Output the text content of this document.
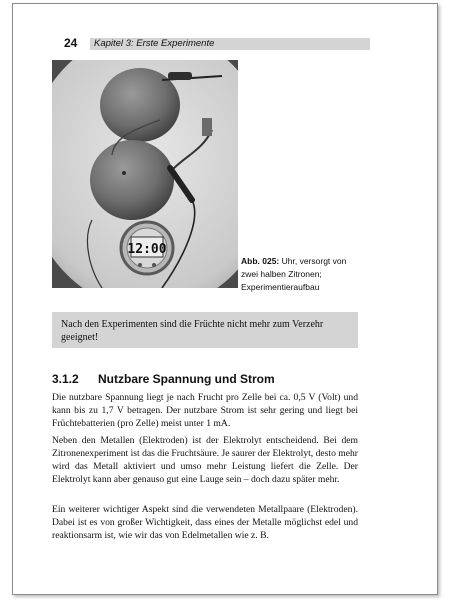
24 Kapitel 3: Erste Experimente
12:00
Abb. 025: Uhr, versorgt von zwei halben Zitronen; Experimentieraufbau
Nach den Experimenten sind die Früchte nicht mehr zum Verzehr geeignet!
3.1.2 Nutzbare Spannung und Strom
Die nutzbare Spannung liegt je nach Frucht pro Zelle bei ca. 0,5 V (Volt) und kann bis zu 1,7 V betragen. Der nutzbare Strom ist sehr gering und liegt bei Früchtebatterien (pro Zelle) meist unter 1 mA.
Neben den Metallen (Elektroden) ist der Elektrolyt entscheidend. Bei dem Zitronenexperiment ist das die Fruchtsäure. Je saurer der Elektrolyt, desto mehr wird das Metall aktiviert und umso mehr Leistung liefert die Zelle. Der Elektrolyt kann aber genauso gut eine Lauge sein – doch dazu später mehr.
Ein weiterer wichtiger Aspekt sind die verwendeten Metallpaare (Elektroden). Dabei ist es von großer Wichtigkeit, dass eines der Metalle möglichst edel und reaktionsarm ist, wie wir das von Edelmetallen wie z. B.
